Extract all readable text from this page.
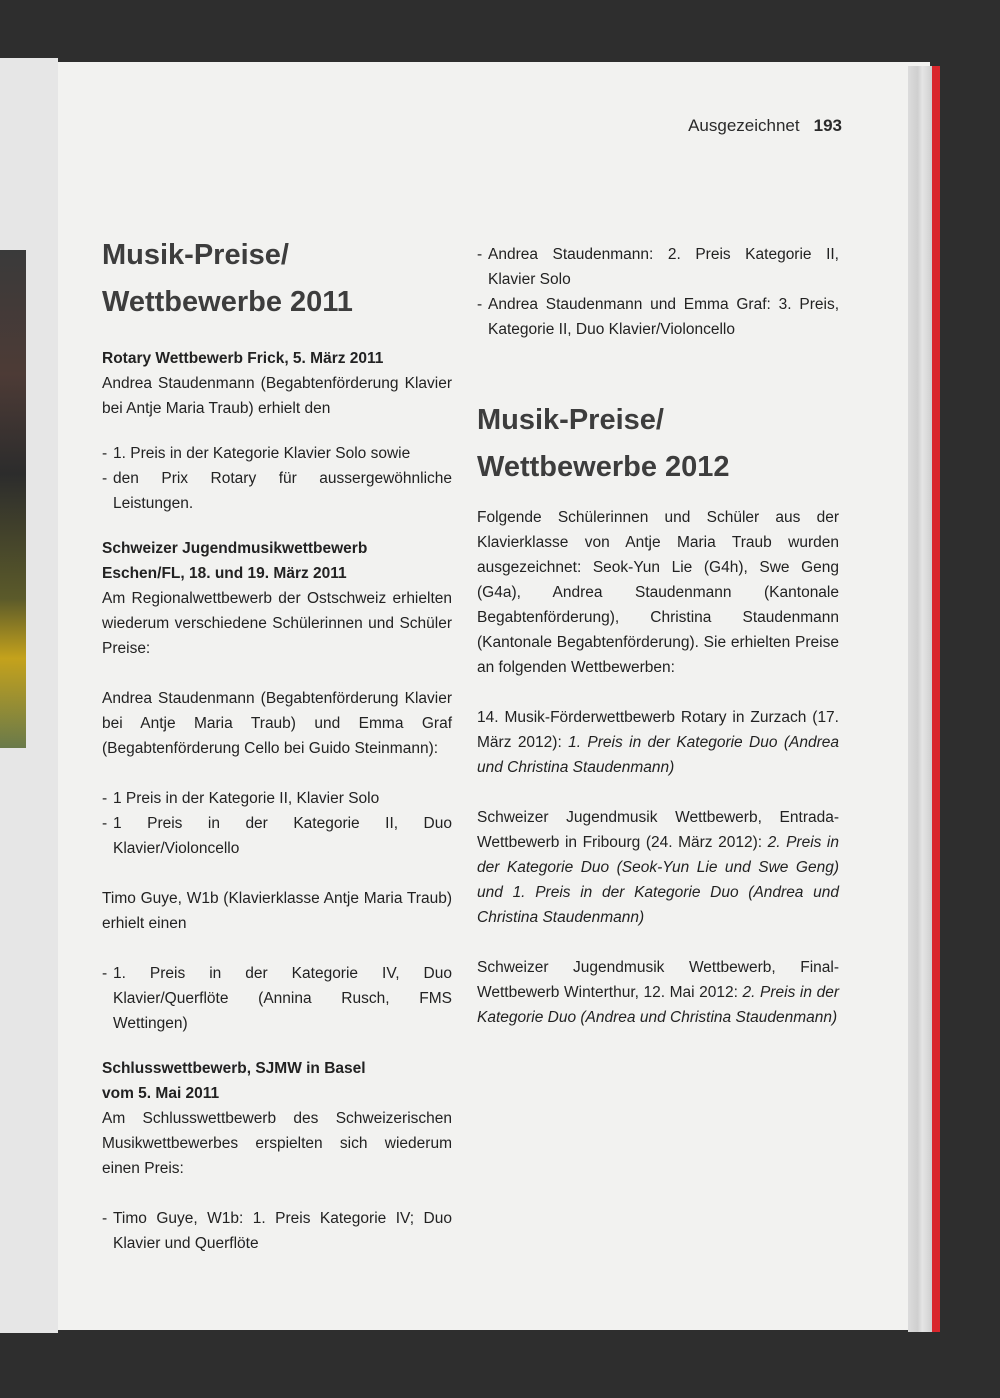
Ausgezeichnet 193
Musik-Preise/
Wettbewerbe 2011

Rotary Wettbewerb Frick, 5. März 2011

Andrea Staudenmann (Begabtenförderung Klavier bei Antje Maria Traub) erhielt den

- 1. Preis in der Kategorie Klavier Solo sowie
- den Prix Rotary für aussergewöhnliche Leistungen.

Schweizer Jugendmusikwettbewerb

Eschen/FL, 18. und 19. März 2011

Am Regionalwettbewerb der Ostschweiz erhielten wiederum verschiedene Schülerinnen und Schüler Preise:

Andrea Staudenmann (Begabtenförderung Klavier bei Antje Maria Traub) und Emma Graf (Begabtenförderung Cello bei Guido Steinmann):

- 1 Preis in der Kategorie II, Klavier Solo
- 1 Preis in der Kategorie II, Duo Klavier/Violoncello

Timo Guye, W1b (Klavierklasse Antje Maria Traub) erhielt einen

- 1. Preis in der Kategorie IV, Duo Klavier/Querflöte (Annina Rusch, FMS Wettingen)

Schlusswettbewerb, SJMW in Basel

vom 5. Mai 2011

Am Schlusswettbewerb des Schweizerischen Musikwettbewerbes erspielten sich wiederum einen Preis:

- Timo Guye, W1b: 1. Preis Kategorie IV; Duo Klavier und Querflöte
- Andrea Staudenmann: 2. Preis Kategorie II, Klavier Solo
- Andrea Staudenmann und Emma Graf: 3. Preis, Kategorie II, Duo Klavier/Violoncello
Musik-Preise/
Wettbewerbe 2012

Folgende Schülerinnen und Schüler aus der Klavierklasse von Antje Maria Traub wurden ausgezeichnet: Seok-Yun Lie (G4h), Swe Geng (G4a), Andrea Staudenmann (Kantonale Begabtenförderung), Christina Staudenmann (Kantonale Begabtenförderung). Sie erhielten Preise an folgenden Wettbewerben:

14. Musik-Förderwettbewerb Rotary in Zurzach (17. März 2012): 1. Preis in der Kategorie Duo (Andrea und Christina Staudenmann)

Schweizer Jugendmusik Wettbewerb, Entrada-Wettbewerb in Fribourg (24. März 2012): 2. Preis in der Kategorie Duo (Seok-Yun Lie und Swe Geng) und 1. Preis in der Kategorie Duo (Andrea und Christina Staudenmann)

Schweizer Jugendmusik Wettbewerb, Final-Wettbewerb Winterthur, 12. Mai 2012: 2. Preis in der Kategorie Duo (Andrea und Christina Staudenmann)
